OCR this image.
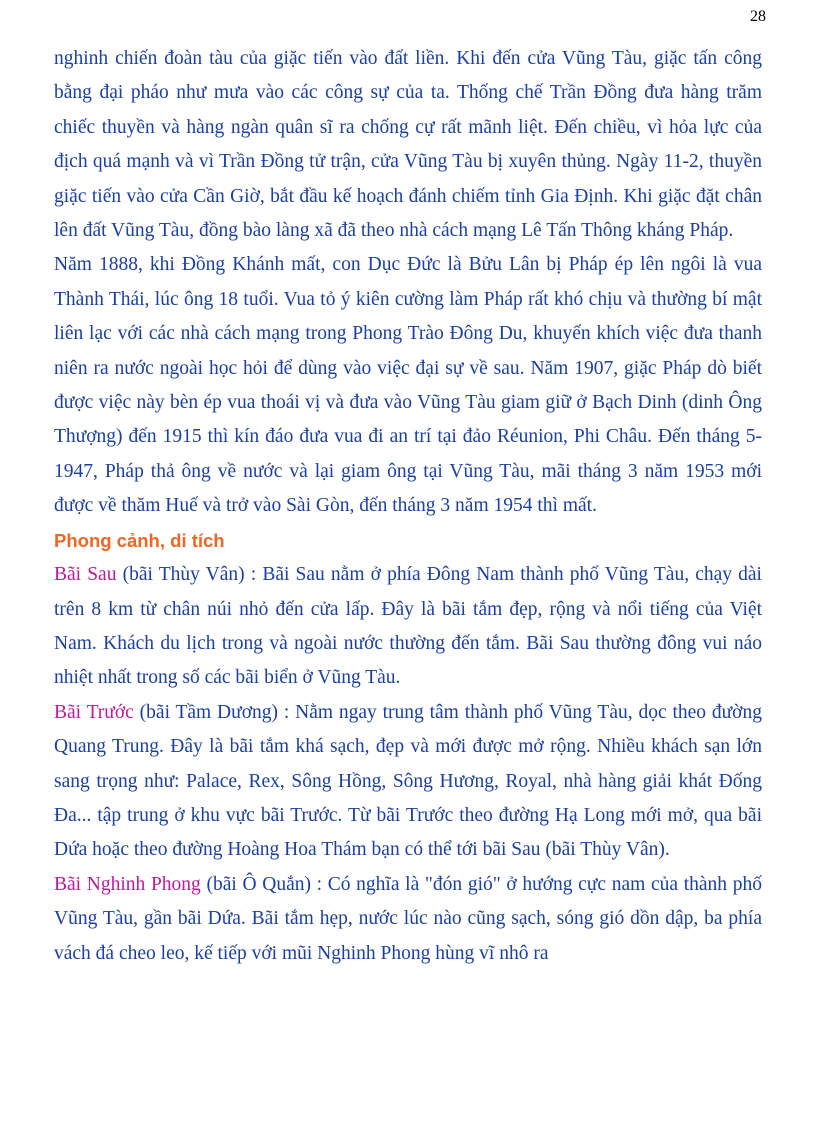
28

nghinh chiến đoàn tàu của giặc tiến vào đất liền. Khi đến cửa Vũng Tàu, giặc tấn công bằng đại pháo như mưa vào các công sự của ta. Thống chế Trần Đồng đưa hàng trăm chiếc thuyền và hàng ngàn quân sĩ ra chống cự rất mãnh liệt. Đến chiều, vì hỏa lực của địch quá mạnh và vì Trần Đồng tử trận, cửa Vũng Tàu bị xuyên thủng. Ngày 11-2, thuyền giặc tiến vào cửa Cần Giờ, bắt đầu kế hoạch đánh chiếm tỉnh Gia Định. Khi giặc đặt chân lên đất Vũng Tàu, đồng bào làng xã đã theo nhà cách mạng Lê Tấn Thông kháng Pháp.

Năm 1888, khi Đồng Khánh mất, con Dục Đức là Bửu Lân bị Pháp ép lên ngôi là vua Thành Thái, lúc ông 18 tuổi. Vua tỏ ý kiên cường làm Pháp rất khó chịu và thường bí mật liên lạc với các nhà cách mạng trong Phong Trào Đông Du, khuyến khích việc đưa thanh niên ra nước ngoài học hỏi để dùng vào việc đại sự về sau. Năm 1907, giặc Pháp dò biết được việc này bèn ép vua thoái vị và đưa vào Vũng Tàu giam giữ ở Bạch Dinh (dinh Ông Thượng) đến 1915 thì kín đáo đưa vua đi an trí tại đảo Réunion, Phi Châu. Đến tháng 5-1947, Pháp thả ông về nước và lại giam ông tại Vũng Tàu, mãi tháng 3 năm 1953 mới được về thăm Huế và trở vào Sài Gòn, đến tháng 3 năm 1954 thì mất.

Phong cảnh, di tích

Bãi Sau (bãi Thùy Vân) : Bãi Sau nằm ở phía Đông Nam thành phố Vũng Tàu, chạy dài trên 8 km từ chân núi nhỏ đến cửa lấp. Đây là bãi tắm đẹp, rộng và nổi tiếng của Việt Nam. Khách du lịch trong và ngoài nước thường đến tắm. Bãi Sau thường đông vui náo nhiệt nhất trong số các bãi biển ở Vũng Tàu.

Bãi Trước (bãi Tầm Dương) : Nằm ngay trung tâm thành phố Vũng Tàu, dọc theo đường Quang Trung. Đây là bãi tắm khá sạch, đẹp và mới được mở rộng. Nhiều khách sạn lớn sang trọng như: Palace, Rex, Sông Hồng, Sông Hương, Royal, nhà hàng giải khát Đống Đa... tập trung ở khu vực bãi Trước. Từ bãi Trước theo đường Hạ Long mới mở, qua bãi Dứa hoặc theo đường Hoàng Hoa Thám bạn có thể tới bãi Sau (bãi Thùy Vân).

Bãi Nghinh Phong (bãi Ô Quắn) : Có nghĩa là "đón gió" ở hướng cực nam của thành phố Vũng Tàu, gần bãi Dứa. Bãi tắm hẹp, nước lúc nào cũng sạch, sóng gió dồn dập, ba phía vách đá cheo leo, kế tiếp với mũi Nghinh Phong hùng vĩ nhô ra
